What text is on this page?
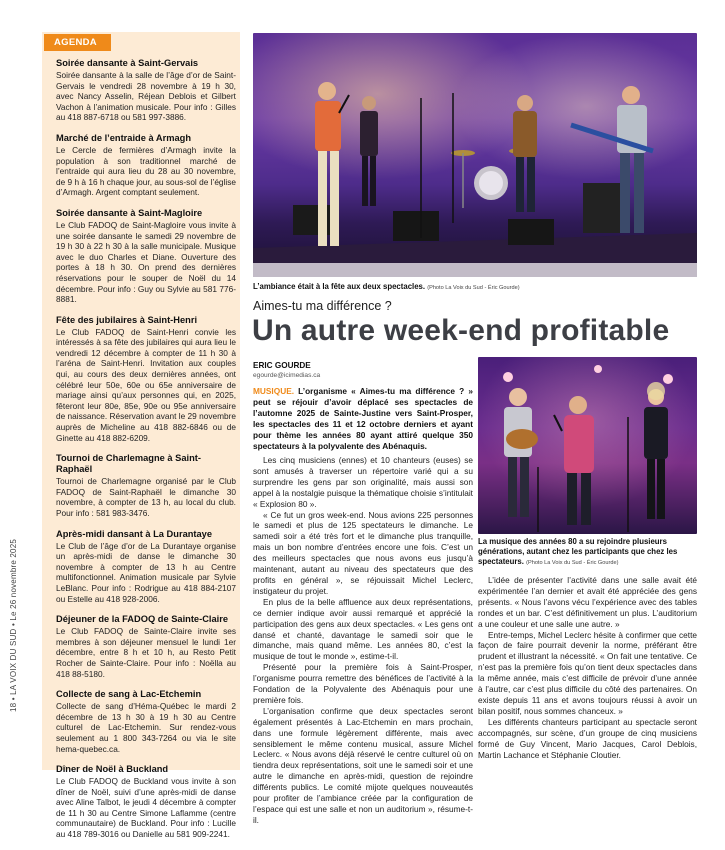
18 • LA VOIX DU SUD • Le 26 novembre 2025
AGENDA
Soirée dansante à Saint-Gervais
Soirée dansante à la salle de l’âge d’or de Saint-Gervais le vendredi 28 novembre à 19 h 30, avec Nancy Asselin, Réjean Deblois et Gilbert Vachon à l’animation musicale. Pour info : Gilles au 418 887-6718 ou 581 997-3886.
Marché de l’entraide à Armagh
Le Cercle de fermières d’Armagh invite la population à son traditionnel marché de l’entraide qui aura lieu du 28 au 30 novembre, de 9 h à 16 h chaque jour, au sous-sol de l’église d’Armagh. Argent comptant seulement.
Soirée dansante à Saint-Magloire
Le Club FADOQ de Saint-Magloire vous invite à une soirée dansante le samedi 29 novembre de 19 h 30 à 22 h 30 à la salle municipale. Musique avec le duo Charles et Diane. Ouverture des portes à 18 h 30. On prend des dernières réservations pour le souper de Noël du 14 décembre. Pour info : Guy ou Sylvie au 581 776-8881.
Fête des jubilaires à Saint-Henri
Le Club FADOQ de Saint-Henri convie les intéressés à sa fête des jubilaires qui aura lieu le vendredi 12 décembre à compter de 11 h 30 à l’aréna de Saint-Henri. Invitation aux couples qui, au cours des deux dernières années, ont célébré leur 50e, 60e ou 65e anniversaire de mariage ainsi qu’aux personnes qui, en 2025, fêteront leur 80e, 85e, 90e ou 95e anniversaire de naissance. Réservation avant le 29 novembre auprès de Micheline au 418 882-6846 ou de Ginette au 418 882-6209.
Tournoi de Charlemagne à Saint-Raphaël
Tournoi de Charlemagne organisé par le Club FADOQ de Saint-Raphaël le dimanche 30 novembre, à compter de 13 h, au local du club. Pour info : 581 983-3476.
Après-midi dansant à La Durantaye
Le Club de l’âge d’or de La Durantaye organise un après-midi de danse le dimanche 30 novembre à compter de 13 h au Centre multifonctionnel. Animation musicale par Sylvie LeBlanc. Pour info : Rodrigue au 418 884-2107 ou Estelle au 418 928-2006.
Déjeuner de la FADOQ de Sainte-Claire
Le Club FADOQ de Sainte-Claire invite ses membres à son déjeuner mensuel le lundi 1er décembre, entre 8 h et 10 h, au Resto Petit Rocher de Sainte-Claire. Pour info : Noëlla au 418 88-5180.
Collecte de sang à Lac-Etchemin
Collecte de sang d’Héma-Québec le mardi 2 décembre de 13 h 30 à 19 h 30 au Centre culturel de Lac-Etchemin. Sur rendez-vous seulement au 1 800 343-7264 ou via le site hema-quebec.ca.
Dîner de Noël à Buckland
Le Club FADOQ de Buckland vous invite à son dîner de Noël, suivi d’une après-midi de danse avec Aline Talbot, le jeudi 4 décembre à compter de 11 h 30 au Centre Simone Laflamme (centre communautaire) de Buckland. Pour info : Lucille au 418 789-3016 ou Danielle au 581 909-2241.
L’ambiance était à la fête aux deux spectacles. (Photo La Voix du Sud - Éric Gourde)
Aimes-tu ma différence ?
Un autre week-end profitable
ERIC GOURDE
egourde@icimedias.ca
MUSIQUE. L’organisme « Aimes-tu ma différence ? » peut se réjouir d’avoir déplacé ses spectacles de l’automne 2025 de Sainte-Justine vers Saint-Prosper, les spectacles des 11 et 12 octobre derniers et ayant pour thème les années 80 ayant attiré quelque 350 spectateurs à la polyvalente des Abénaquis.

Les cinq musiciens (ennes) et 10 chanteurs (euses) se sont amusés à traverser un répertoire varié qui a su surprendre les gens par son originalité, mais aussi son appel à la nostalgie puisque la thématique choisie s’intitulait « Explosion 80 ».

« Ce fut un gros week-end. Nous avions 225 personnes le samedi et plus de 125 spectateurs le dimanche. Le samedi soir a été très fort et le dimanche plus tranquille, mais un bon nombre d’entrées encore une fois. C’est un des meilleurs spectacles que nous avons eus jusqu’à maintenant, autant au niveau des spectateurs que des profits en général », se réjouissait Michel Leclerc, instigateur du projet.

En plus de la belle affluence aux deux représentations, ce dernier indique avoir aussi remarqué et apprécié la participation des gens aux deux spectacles. « Les gens ont dansé et chanté, davantage le samedi soir que le dimanche, mais quand même. Les années 80, c’est la musique de tout le monde », estime-t-il.

Présenté pour la première fois à Saint-Prosper, l’organisme pourra remettre des bénéfices de l’activité à la Fondation de la Polyvalente des Abénaquis pour une première fois.

L’organisation confirme que deux spectacles seront également présentés à Lac-Etchemin en mars prochain, dans une formule légèrement différente, mais avec sensiblement le même contenu musical, assure Michel Leclerc. « Nous avons déjà réservé le centre culturel où on tiendra deux représentations, soit une le samedi soir et une autre le dimanche en après-midi, question de rejoindre différents publics. Le comité mijote quelques nouveautés pour profiter de l’ambiance créée par la configuration de l’espace qui est une salle et non un auditorium », résume-t-il.

La musique des années 80 a su rejoindre plusieurs générations, autant chez les participants que chez les spectateurs. (Photo La Voix du Sud - Éric Gourde)

L’idée de présenter l’activité dans une salle avait été expérimentée l’an dernier et avait été appréciée des gens présents. « Nous l’avons vécu l’expérience avec des tables rondes et un bar. C’est définitivement un plus. L’auditorium a une couleur et une salle une autre. »

Entre-temps, Michel Leclerc hésite à confirmer que cette façon de faire pourrait devenir la norme, préférant être prudent et illustrant la nécessité. « On fait une tentative. Ce n’est pas la première fois qu’on tient deux spectacles dans la même année, mais c’est difficile de prévoir d’une année à l’autre, car c’est plus difficile du côté des partenaires. On existe depuis 11 ans et avons toujours réussi à avoir un bilan positif, nous sommes chanceux. »

Les différents chanteurs participant au spectacle seront accompagnés, sur scène, d’un groupe de cinq musiciens formé de Guy Vincent, Mario Jacques, Carol Deblois, Martin Lachance et Stéphanie Cloutier.
